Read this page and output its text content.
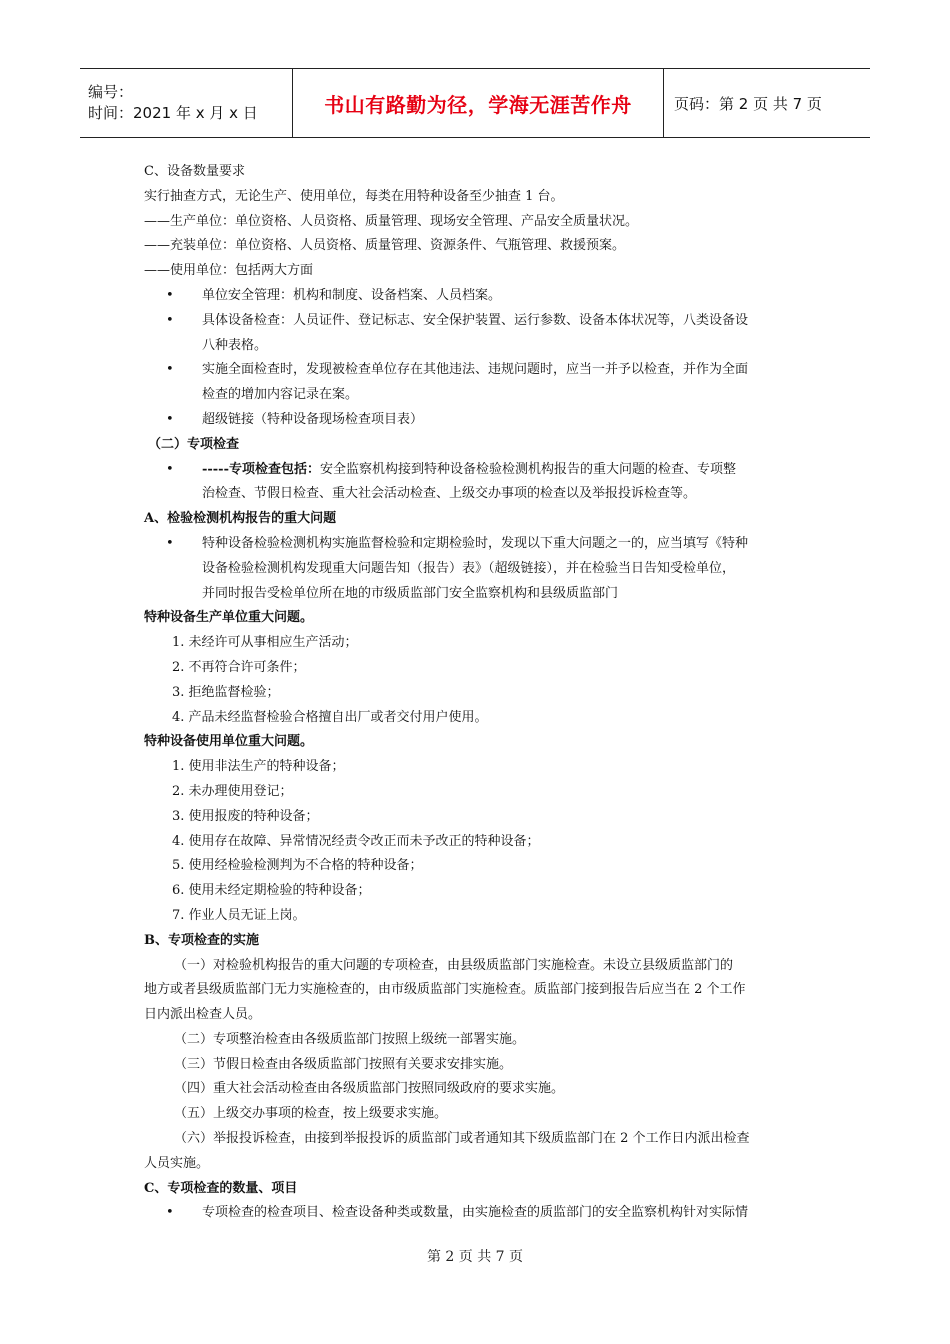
编号：
时间：2021 年 x 月 x 日	书山有路勤为径，学海无涯苦作舟	页码：第 2 页 共 7 页
C、设备数量要求
实行抽查方式，无论生产、使用单位，每类在用特种设备至少抽查 1 台。
——生产单位：单位资格、人员资格、质量管理、现场安全管理、产品安全质量状况。
——充装单位：单位资格、人员资格、质量管理、资源条件、气瓶管理、救援预案。
——使用单位：包括两大方面
•	单位安全管理：机构和制度、设备档案、人员档案。
•	具体设备检查：人员证件、登记标志、安全保护装置、运行参数、设备本体状况等，八类设备设
八种表格。
•	实施全面检查时，发现被检查单位存在其他违法、违规问题时，应当一并予以检查，并作为全面
检查的增加内容记录在案。
•	超级链接（特种设备现场检查项目表）
（二）专项检查
•	-----专项检查包括：安全监察机构接到特种设备检验检测机构报告的重大问题的检查、专项整
治检查、节假日检查、重大社会活动检查、上级交办事项的检查以及举报投诉检查等。
A、检验检测机构报告的重大问题
•	特种设备检验检测机构实施监督检验和定期检验时，发现以下重大问题之一的，应当填写《特种
设备检验检测机构发现重大问题告知（报告）表》（超级链接），并在检验当日告知受检单位，
并同时报告受检单位所在地的市级质监部门安全监察机构和县级质监部门
特种设备生产单位重大问题。
1. 未经许可从事相应生产活动；
2. 不再符合许可条件；
3. 拒绝监督检验；
4. 产品未经监督检验合格擅自出厂或者交付用户使用。
特种设备使用单位重大问题。
1. 使用非法生产的特种设备；
2. 未办理使用登记；
3. 使用报废的特种设备；
4. 使用存在故障、异常情况经责令改正而未予改正的特种设备；
5. 使用经检验检测判为不合格的特种设备；
6. 使用未经定期检验的特种设备；
7. 作业人员无证上岗。
B、专项检查的实施
（一）对检验机构报告的重大问题的专项检查，由县级质监部门实施检查。未设立县级质监部门的
地方或者县级质监部门无力实施检查的，由市级质监部门实施检查。质监部门接到报告后应当在 2 个工作
日内派出检查人员。
（二）专项整治检查由各级质监部门按照上级统一部署实施。
（三）节假日检查由各级质监部门按照有关要求安排实施。
（四）重大社会活动检查由各级质监部门按照同级政府的要求实施。
（五）上级交办事项的检查，按上级要求实施。
（六）举报投诉检查，由接到举报投诉的质监部门或者通知其下级质监部门在 2 个工作日内派出检查
人员实施。
C、专项检查的数量、项目
•	专项检查的检查项目、检查设备种类或数量，由实施检查的质监部门的安全监察机构针对实际情
第 2 页 共 7 页
